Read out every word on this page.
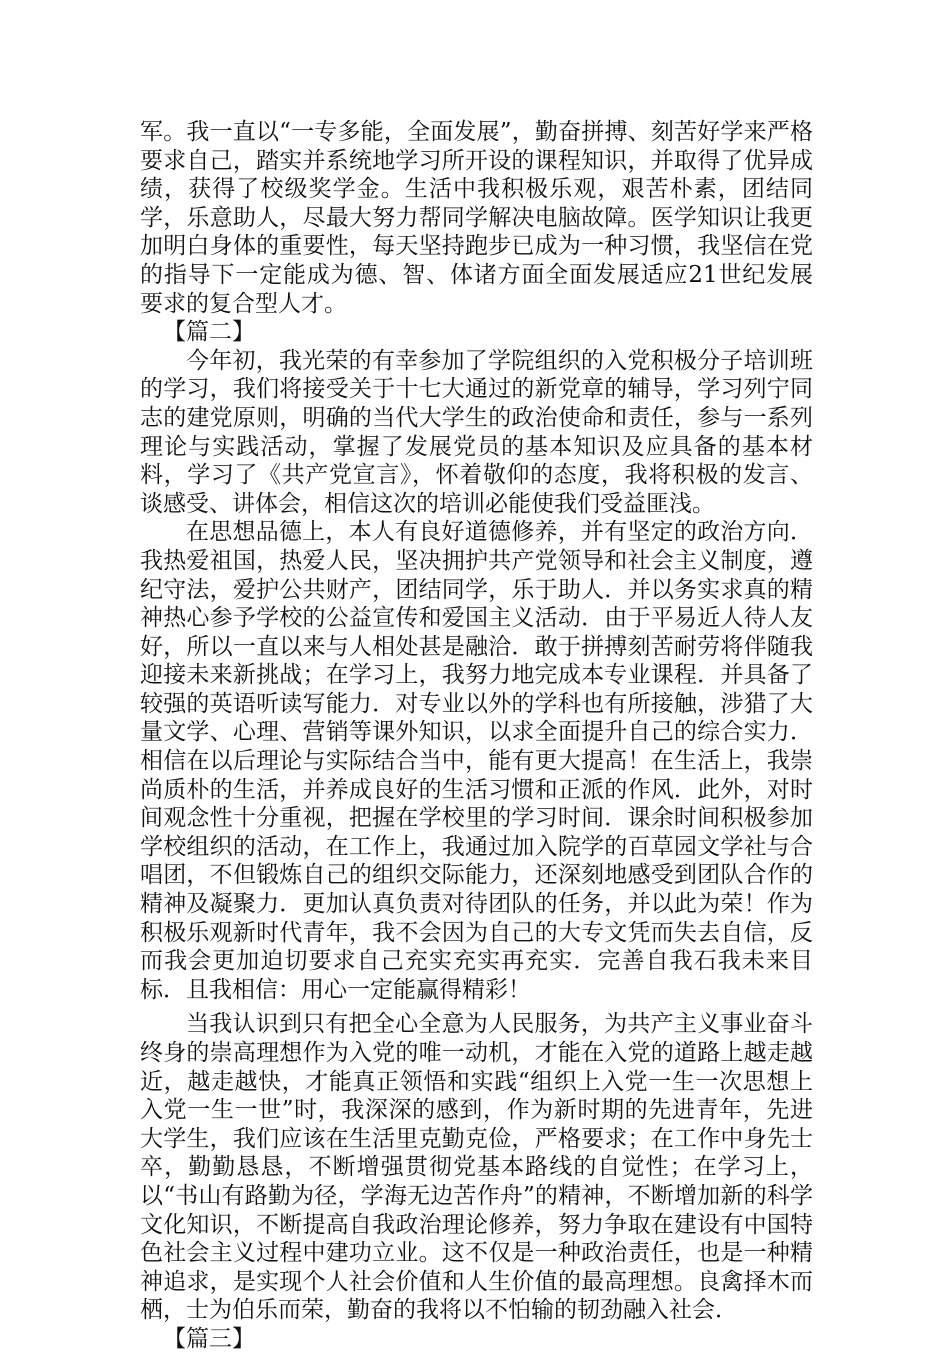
军。我一直以“一专多能，全面发展”，勤奋拼搏、刻苦好学来严格要求自己，踏实并系统地学习所开设的课程知识，并取得了优异成绩，获得了校级奖学金。生活中我积极乐观，艰苦朴素，团结同学，乐意助人，尽最大努力帮同学解决电脑故障。医学知识让我更加明白身体的重要性，每天坚持跑步已成为一种习惯，我坚信在党的指导下一定能成为德、智、体诸方面全面发展适应21世纪发展要求的复合型人才。

【篇二】

今年初，我光荣的有幸参加了学院组织的入党积极分子培训班的学习，我们将接受关于十七大通过的新党章的辅导，学习列宁同志的建党原则，明确的当代大学生的政治使命和责任，参与一系列理论与实践活动，掌握了发展党员的基本知识及应具备的基本材料，学习了《共产党宣言》，怀着敬仰的态度，我将积极的发言、谈感受、讲体会，相信这次的培训必能使我们受益匪浅。

在思想品德上，本人有良好道德修养，并有坚定的政治方向．我热爱祖国，热爱人民，坚决拥护共产党领导和社会主义制度，遵纪守法，爱护公共财产，团结同学，乐于助人．并以务实求真的精神热心参予学校的公益宣传和爱国主义活动．由于平易近人待人友好，所以一直以来与人相处甚是融洽．敢于拼搏刻苦耐劳将伴随我迎接未来新挑战；在学习上，我努力地完成本专业课程．并具备了较强的英语听读写能力．对专业以外的学科也有所接触，涉猎了大量文学、心理、营销等课外知识，以求全面提升自己的综合实力．相信在以后理论与实际结合当中，能有更大提高！在生活上，我崇尚质朴的生活，并养成良好的生活习惯和正派的作风．此外，对时间观念性十分重视，把握在学校里的学习时间．课余时间积极参加学校组织的活动，在工作上，我通过加入院学的百草园文学社与合唱团，不但锻炼自己的组织交际能力，还深刻地感受到团队合作的精神及凝聚力．更加认真负责对待团队的任务，并以此为荣！作为积极乐观新时代青年，我不会因为自己的大专文凭而失去自信，反而我会更加迫切要求自己充实充实再充实．完善自我石我未来目标．且我相信：用心一定能赢得精彩！

当我认识到只有把全心全意为人民服务，为共产主义事业奋斗终身的崇高理想作为入党的唯一动机，才能在入党的道路上越走越近，越走越快，才能真正领悟和实践“组织上入党一生一次思想上入党一生一世”时，我深深的感到，作为新时期的先进青年，先进大学生，我们应该在生活里克勤克俭，严格要求；在工作中身先士卒，勤勤恳恳，不断增强贯彻党基本路线的自觉性；在学习上，以“书山有路勤为径，学海无边苦作舟”的精神，不断增加新的科学文化知识，不断提高自我政治理论修养，努力争取在建设有中国特色社会主义过程中建功立业。这不仅是一种政治责任，也是一种精神追求，是实现个人社会价值和人生价值的最高理想。良禽择木而栖，士为伯乐而荣，勤奋的我将以不怕输的韧劲融入社会．

【篇三】
